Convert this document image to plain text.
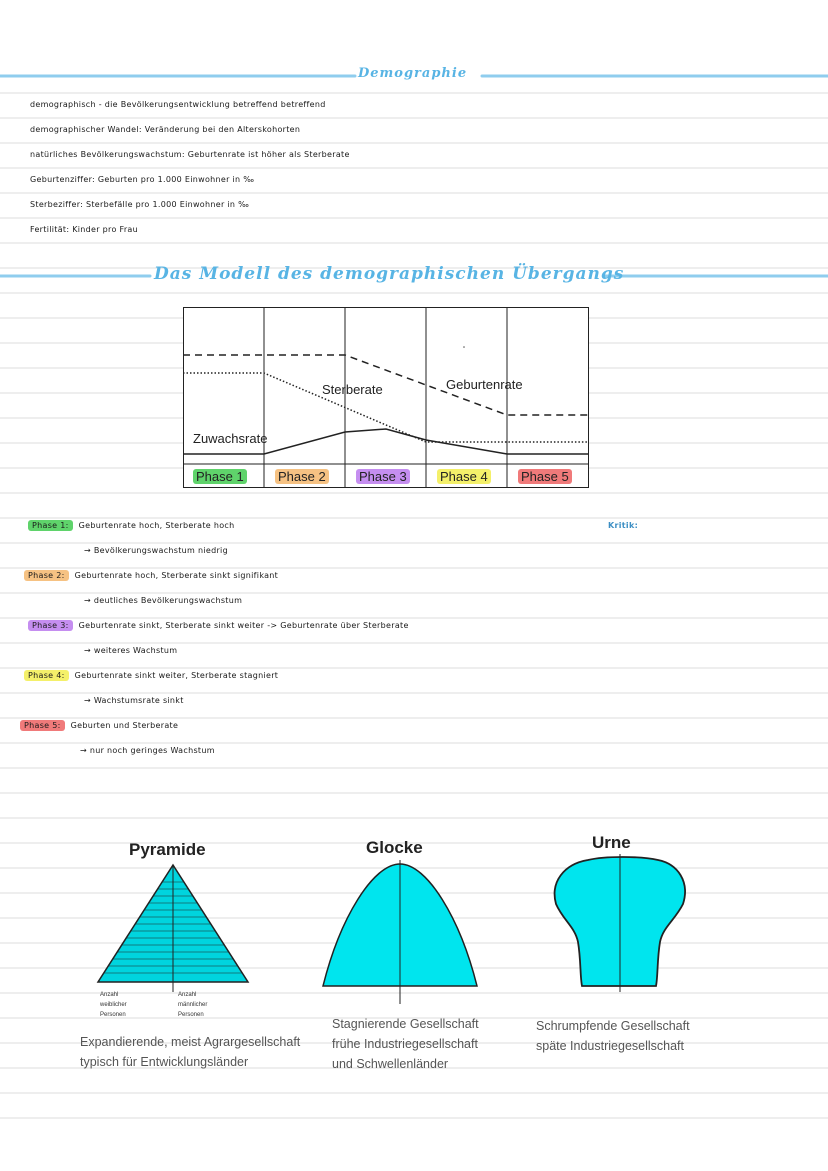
Demographie
demographisch - die Bevölkerungsentwicklung betreffend betreffend
demographischer Wandel: Veränderung bei den Alterskohorten
natürliches Bevölkerungswachstum: Geburtenrate ist höher als Sterberate
Geburtenziffer: Geburten pro 1.000 Einwohner in ‰
Sterbeziffer: Sterbefälle pro 1.000 Einwohner in ‰
Fertilität: Kinder pro Frau
Das Modell des demographischen Übergangs
Sterberate	Geburtenrate
Zuwachsrate
Phase 1	Phase 2	Phase 3	Phase 4	Phase 5
Kritik:
Phase 1: Geburtenrate hoch, Sterberate hoch
→ Bevölkerungswachstum niedrig
Phase 2: Geburtenrate hoch, Sterberate sinkt signifikant
→ deutliches Bevölkerungswachstum
Phase 3: Geburtenrate sinkt, Sterberate sinkt weiter -> Geburtenrate über Sterberate
→ weiteres Wachstum
Phase 4: Geburtenrate sinkt weiter, Sterberate stagniert
→ Wachstumsrate sinkt
Phase 5: Geburten und Sterberate
→ nur noch geringes Wachstum
Pyramide
Anzahl weiblicher Personen
Anzahl männlicher Personen
Expandierende, meist Agrargesellschaft
typisch für Entwicklungsländer
Glocke
Stagnierende Gesellschaft
frühe Industriegesellschaft
und Schwellenländer
Urne
Schrumpfende Gesellschaft
späte Industriegesellschaft
